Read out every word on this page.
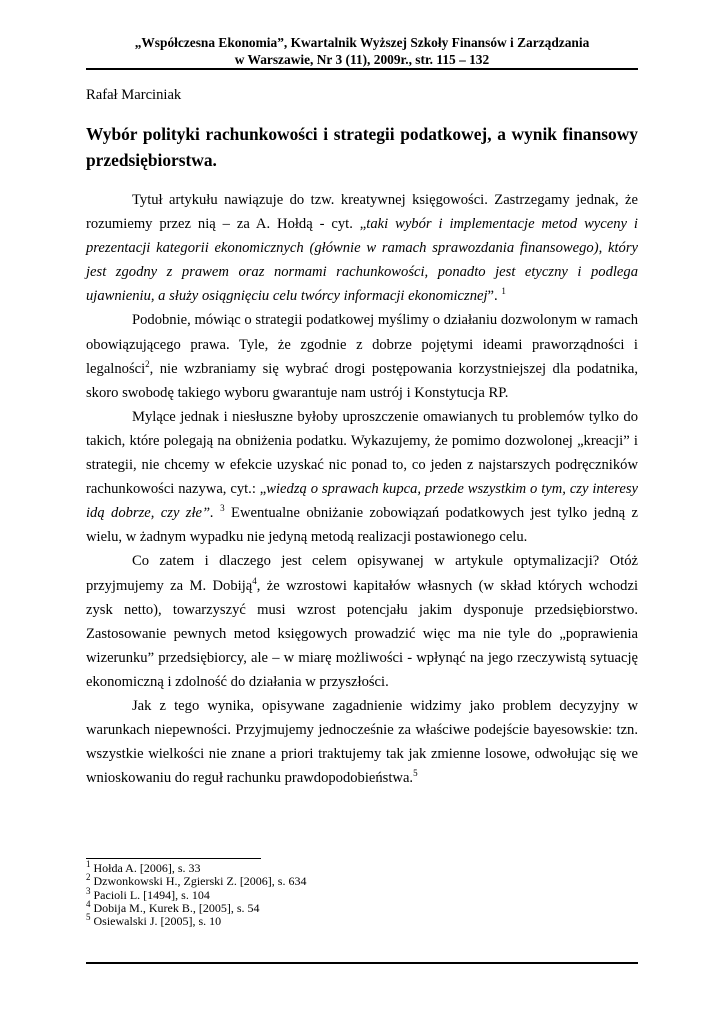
„Współczesna Ekonomia”, Kwartalnik Wyższej Szkoły Finansów i Zarządzania
w Warszawie, Nr 3 (11), 2009r., str. 115 – 132
Rafał Marciniak
Wybór polityki rachunkowości i strategii podatkowej, a wynik finansowy przedsiębiorstwa.

Tytuł artykułu nawiązuje do tzw. kreatywnej księgowości. Zastrzegamy jednak, że rozumiemy przez nią – za A. Hołdą - cyt. „taki wybór i implementacje metod wyceny i prezentacji kategorii ekonomicznych (głównie w ramach sprawozdania finansowego), który jest zgodny z prawem oraz normami rachunkowości, ponadto jest etyczny i podlega ujawnieniu, a służy osiągnięciu celu twórcy informacji ekonomicznej”. $^1$

Podobnie, mówiąc o strategii podatkowej myślimy o działaniu dozwolonym w ramach obowiązującego prawa. Tyle, że zgodnie z dobrze pojętymi ideami praworządności i legalności$^2$, nie wzbraniamy się wybrać drogi postępowania korzystniejszej dla podatnika, skoro swobodę takiego wyboru gwarantuje nam ustrój i Konstytucja RP.

Mylące jednak i niesłuszne byłoby uproszczenie omawianych tu problemów tylko do takich, które polegają na obniżenia podatku. Wykazujemy, że pomimo dozwolonej „kreacji” i strategii, nie chcemy w efekcie uzyskać nic ponad to, co jeden z najstarszych podręczników rachunkowości nazywa, cyt.: „wiedzą o sprawach kupca, przede wszystkim o tym, czy interesy idą dobrze, czy złe”. $^3$ Ewentualne obniżanie zobowiązań podatkowych jest tylko jedną z wielu, w żadnym wypadku nie jedyną metodą realizacji postawionego celu.

Co zatem i dlaczego jest celem opisywanej w artykule optymalizacji? Otóż przyjmujemy za M. Dobiją$^4$, że wzrostowi kapitałów własnych (w skład których wchodzi zysk netto), towarzyszyć musi wzrost potencjału jakim dysponuje przedsiębiorstwo. Zastosowanie pewnych metod księgowych prowadzić więc ma nie tyle do „poprawienia wizerunku” przedsiębiorcy, ale – w miarę możliwości - wpłynąć na jego rzeczywistą sytuację ekonomiczną i zdolność do działania w przyszłości.

Jak z tego wynika, opisywane zagadnienie widzimy jako problem decyzyjny w warunkach niepewności. Przyjmujemy jednocześnie za właściwe podejście bayesowskie: tzn. wszystkie wielkości nie znane a priori traktujemy tak jak zmienne losowe, odwołując się we wnioskowaniu do reguł rachunku prawdopodobieństwa.$^5$

$^1$ Hołda A. [2006], s. 33
$^2$ Dzwonkowski H., Zgierski Z. [2006], s. 634
$^3$ Pacioli L. [1494], s. 104
$^4$ Dobija M., Kurek B., [2005], s. 54
$^5$ Osiewalski J. [2005], s. 10
